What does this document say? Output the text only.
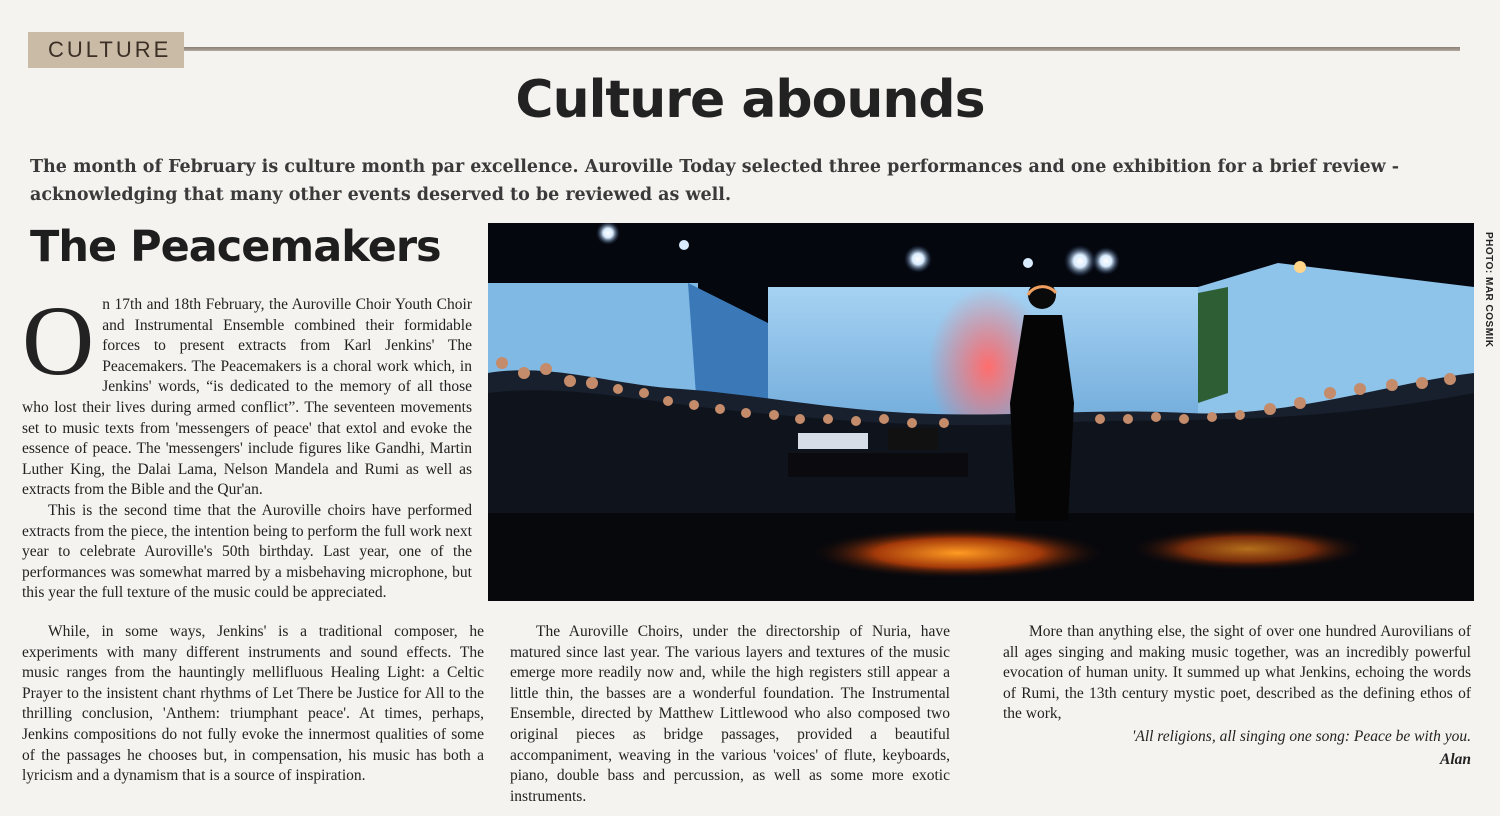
CULTURE
Culture abounds
The month of February is culture month par excellence. Auroville Today selected three performances and one exhibition for a brief review - acknowledging that many other events deserved to be reviewed as well.
The Peacemakers
O n 17th and 18th February, the Auroville Choir Youth Choir and Instrumental Ensemble combined their formidable forces to present extracts from Karl Jenkins' The Peacemakers. The Peacemakers is a choral work which, in Jenkins' words, “is dedicated to the memory of all those who lost their lives during armed conflict”. The seventeen movements set to music texts from 'messengers of peace' that extol and evoke the essence of peace. The 'messengers' include figures like Gandhi, Martin Luther King, the Dalai Lama, Nelson Mandela and Rumi as well as extracts from the Bible and the Qur'an.

This is the second time that the Auroville choirs have performed extracts from the piece, the intention being to perform the full work next year to celebrate Auroville's 50th birthday. Last year, one of the performances was somewhat marred by a misbehaving microphone, but this year the full texture of the music could be appreciated.

While, in some ways, Jenkins' is a traditional composer, he experiments with many different instruments and sound effects. The music ranges from the hauntingly mellifluous Healing Light: a Celtic Prayer to the insistent chant rhythms of Let There be Justice for All to the thrilling conclusion, 'Anthem: triumphant peace'. At times, perhaps, Jenkins compositions do not fully evoke the innermost qualities of some of the passages he chooses but, in compensation, his music has both a lyricism and a dynamism that is a source of inspiration.

PHOTO: MAR COSMIK

The Auroville Choirs, under the directorship of Nuria, have matured since last year. The various layers and textures of the music emerge more readily now and, while the high registers still appear a little thin, the basses are a wonderful foundation. The Instrumental Ensemble, directed by Matthew Littlewood who also composed two original pieces as bridge passages, provided a beautiful accompaniment, weaving in the various 'voices' of flute, keyboards, piano, double bass and percussion, as well as some more exotic instruments.

More than anything else, the sight of over one hundred Aurovilians of all ages singing and making music together, was an incredibly powerful evocation of human unity. It summed up what Jenkins, echoing the words of Rumi, the 13th century mystic poet, described as the defining ethos of the work,

'All religions, all singing one song: Peace be with you.
Alan
